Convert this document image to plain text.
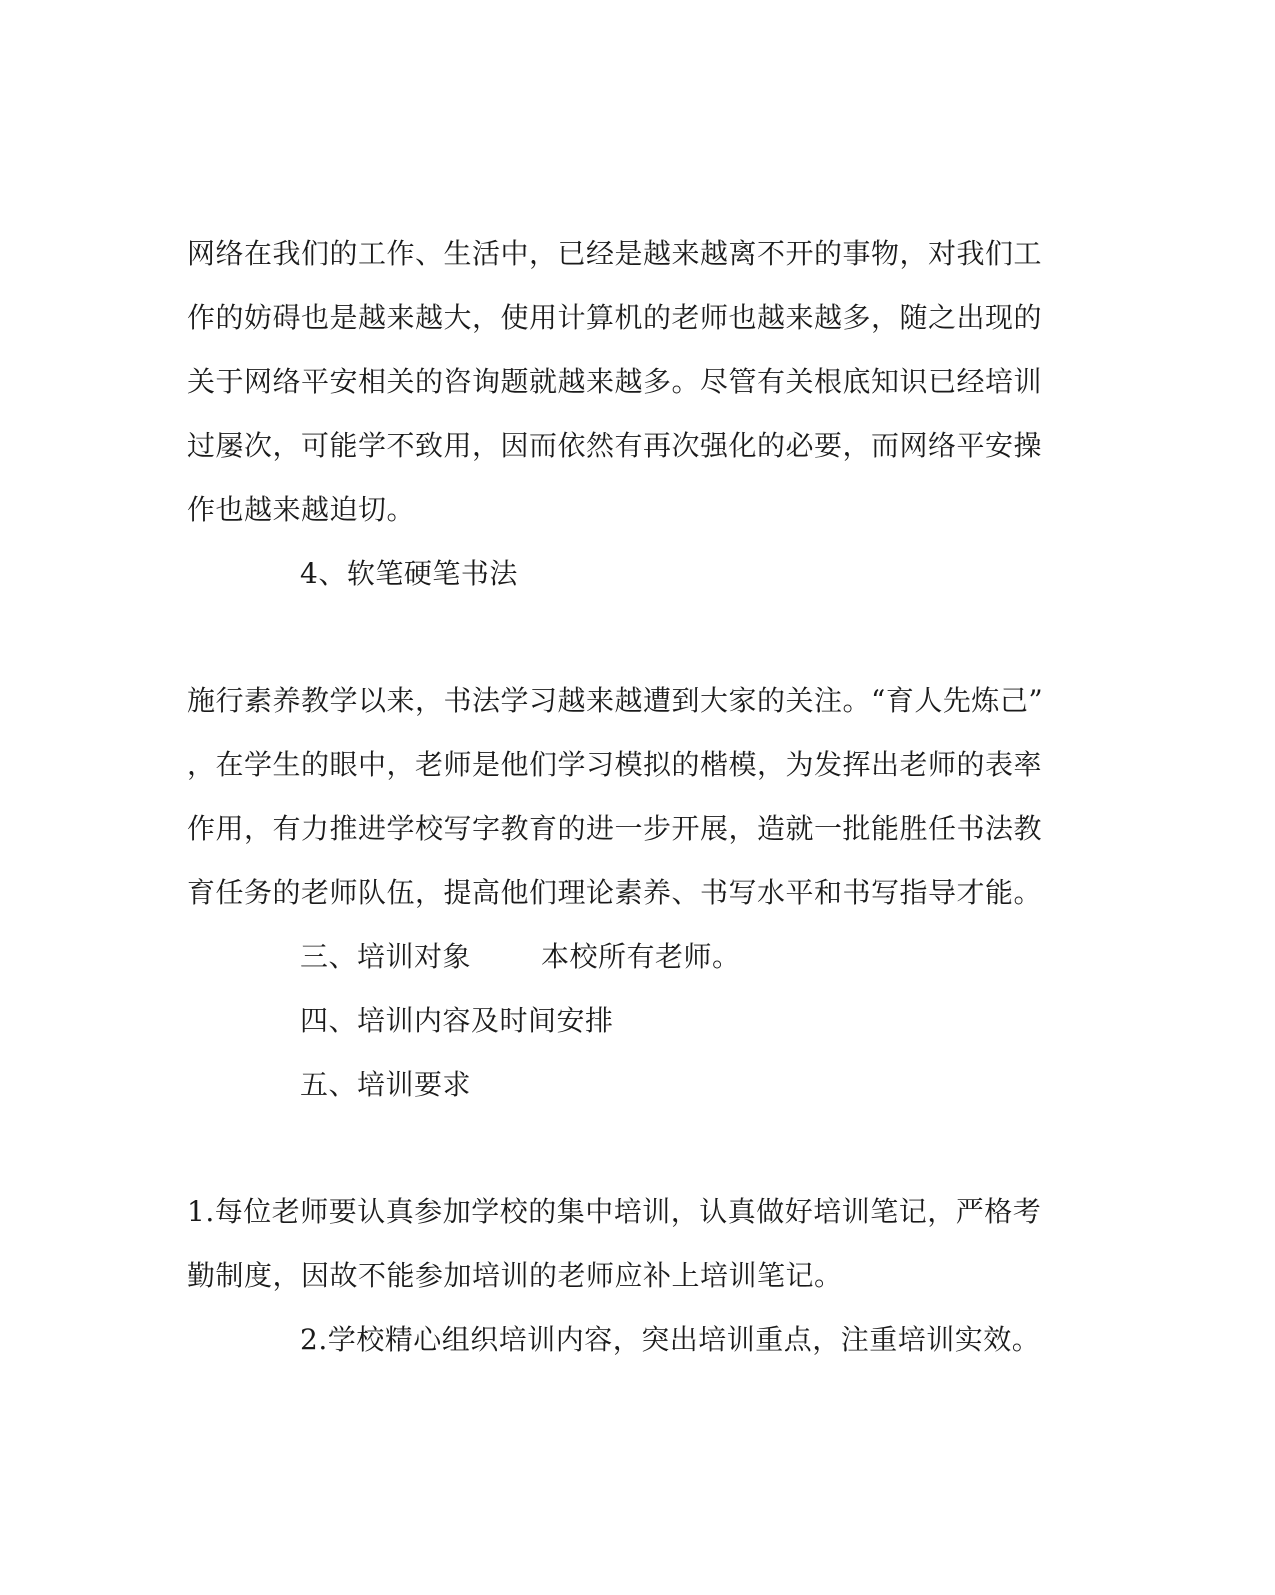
网络在我们的工作、生活中，已经是越来越离不开的事物，对我们工
作的妨碍也是越来越大，使用计算机的老师也越来越多，随之出现的
关于网络平安相关的咨询题就越来越多。尽管有关根底知识已经培训
过屡次，可能学不致用，因而依然有再次强化的必要，而网络平安操
作也越来越迫切。
4、软笔硬笔书法
施行素养教学以来，书法学习越来越遭到大家的关注。“育人先炼己”
，在学生的眼中，老师是他们学习模拟的楷模，为发挥出老师的表率
作用，有力推进学校写字教育的进一步开展，造就一批能胜任书法教
育任务的老师队伍，提高他们理论素养、书写水平和书写指导才能。
三、培训对象	本校所有老师。
四、培训内容及时间安排
五、培训要求
1.每位老师要认真参加学校的集中培训，认真做好培训笔记，严格考
勤制度，因故不能参加培训的老师应补上培训笔记。
2.学校精心组织培训内容，突出培训重点，注重培训实效。
